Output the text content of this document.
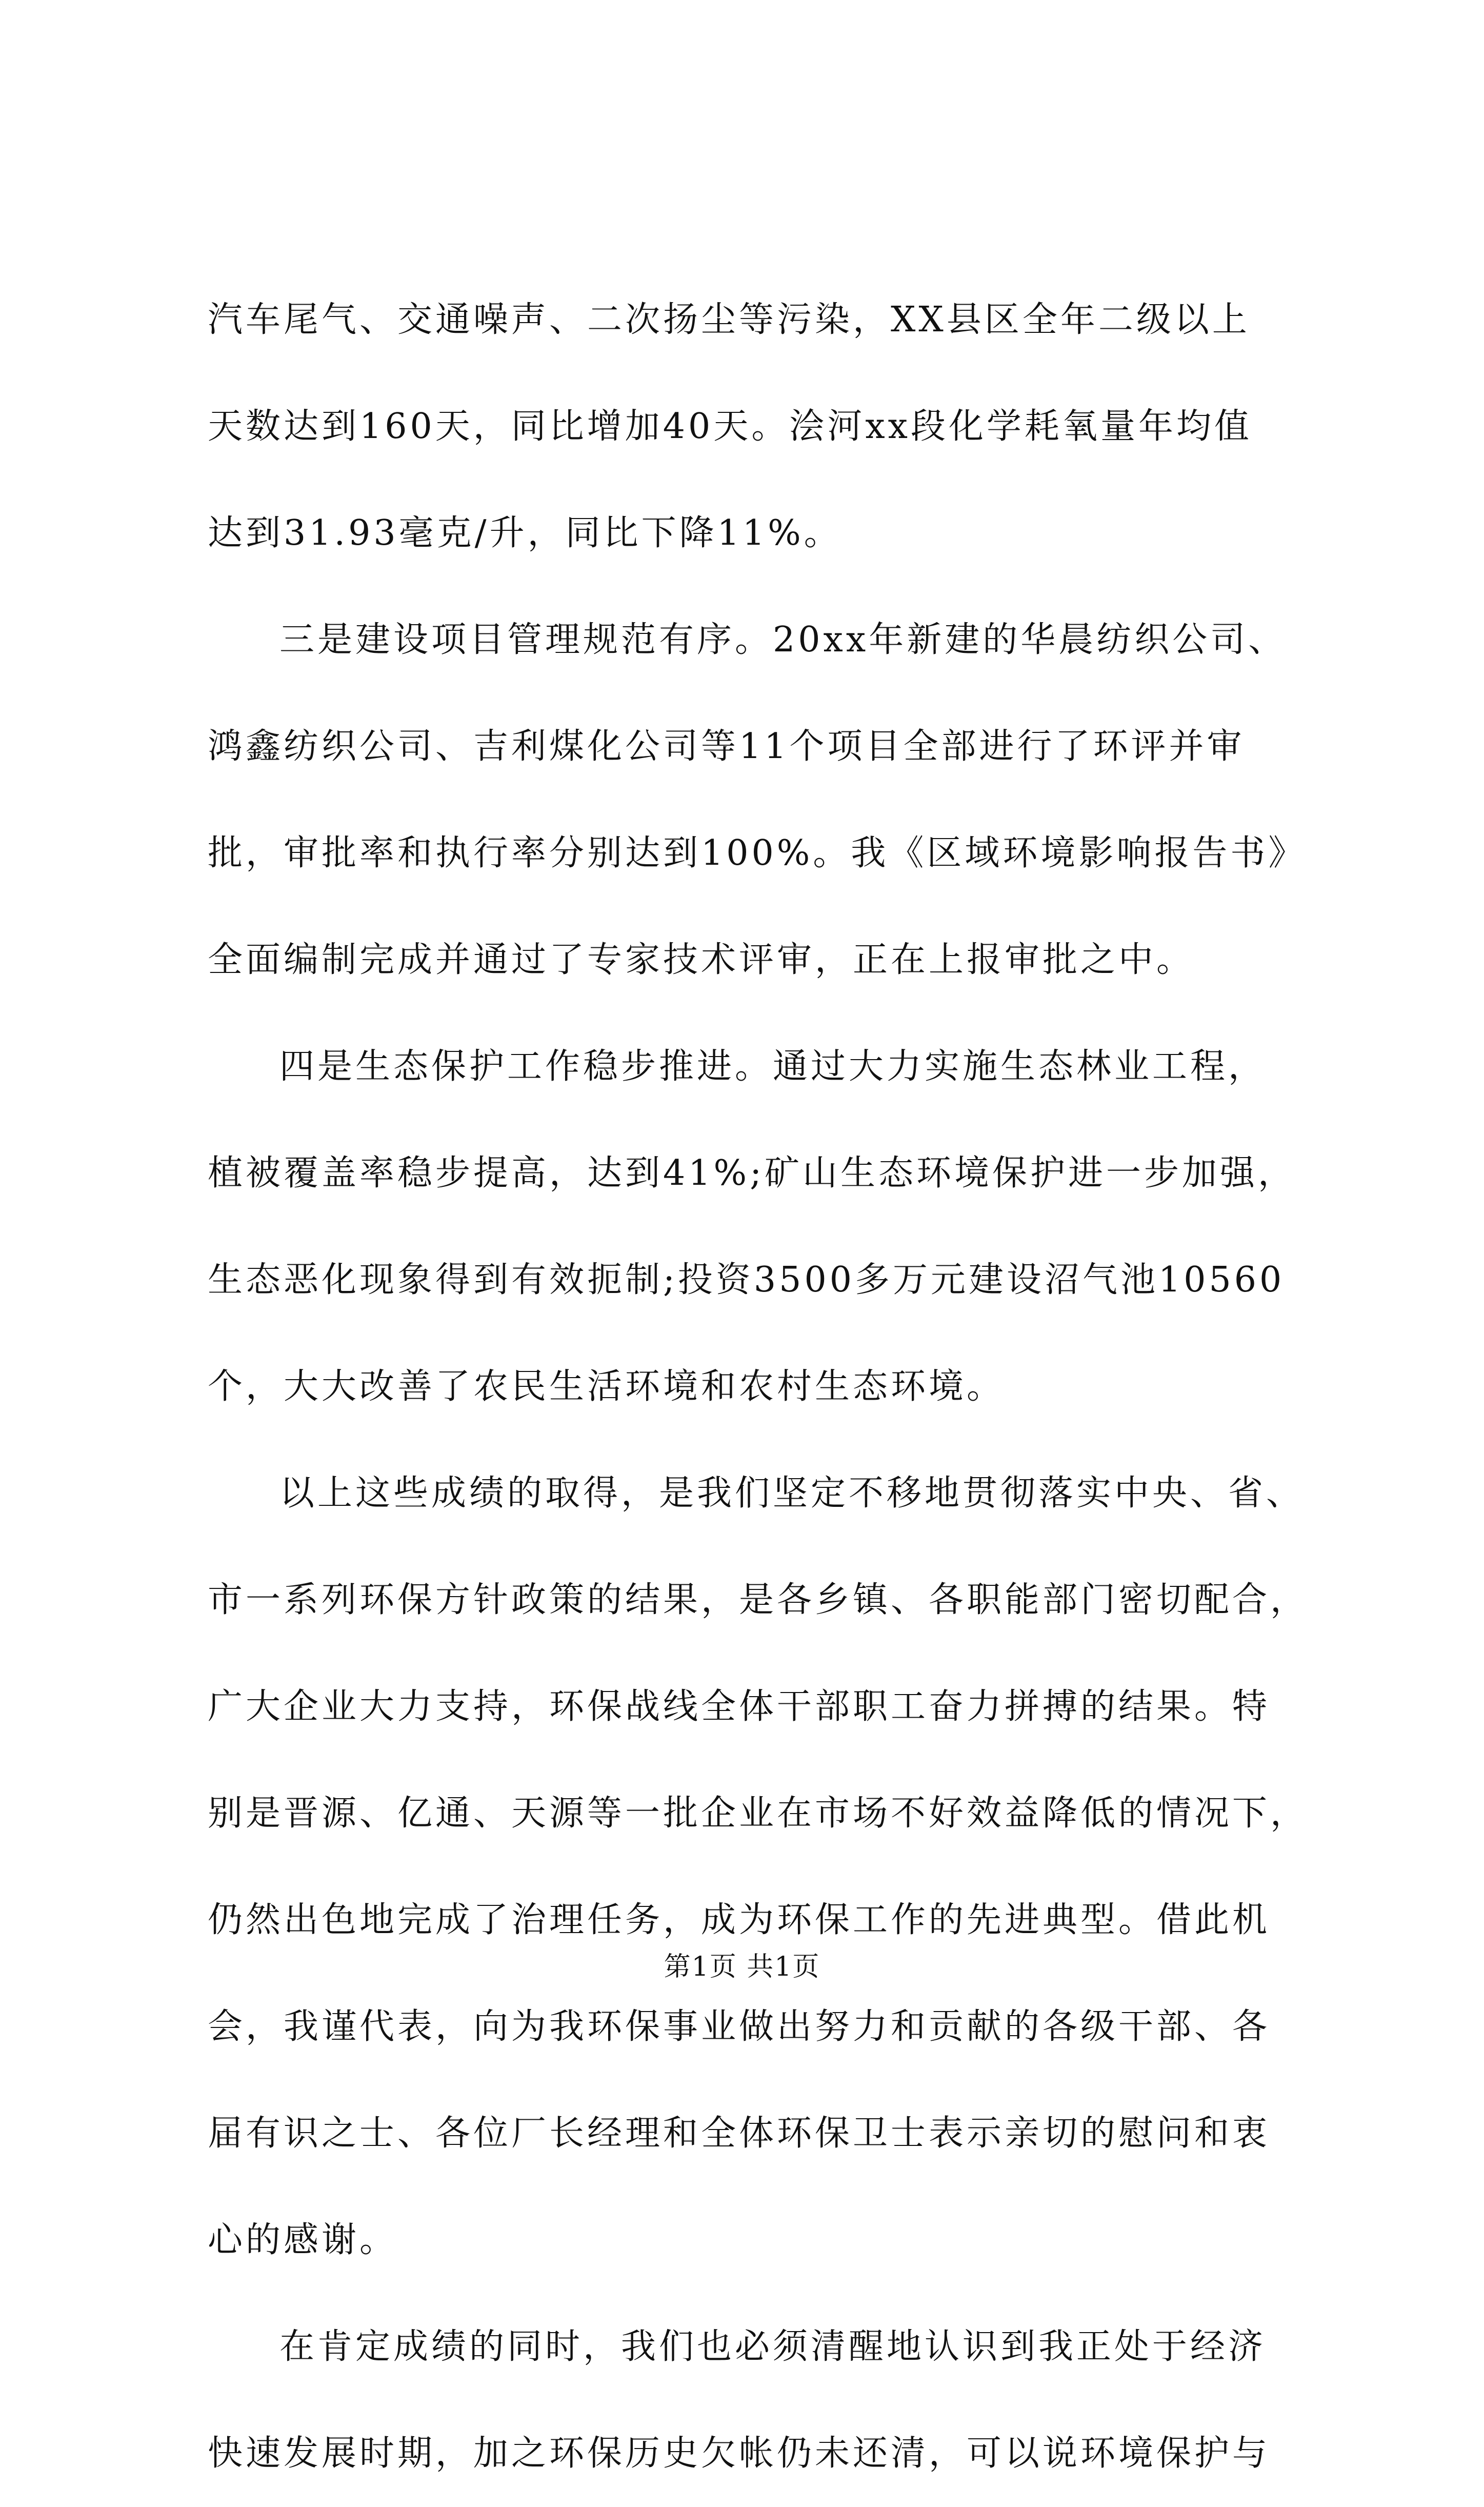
汽车尾气、交通噪声、二次扬尘等污染，XX县区全年二级以上
天数达到160天，同比增加40天。浍河xx段化学耗氧量年均值
达到31.93毫克/升，同比下降11%。
三是建设项目管理规范有序。20xx年新建的华晨纺织公司、
鸿鑫纺织公司、吉利煤化公司等11个项目全部进行了环评并审
批，审批率和执行率分别达到100%。我《区域环境影响报告书》
全面编制完成并通过了专家技术评审，正在上报审批之中。
四是生态保护工作稳步推进。通过大力实施生态林业工程，
植被覆盖率稳步提高，达到41%;矿山生态环境保护进一步加强，
生态恶化现象得到有效扼制;投资3500多万元建设沼气池10560
个，大大改善了农民生活环境和农村生态环境。
以上这些成绩的取得，是我们坚定不移地贯彻落实中央、省、
市一系列环保方针政策的结果，是各乡镇、各职能部门密切配合，
广大企业大力支持，环保战线全体干部职工奋力拼搏的结果。特
别是晋源、亿通、天源等一批企业在市场不好效益降低的情况下，
仍然出色地完成了治理任务，成为环保工作的先进典型。借此机
会，我谨代表，向为我环保事业做出努力和贡献的各级干部、各
届有识之士、各位厂长经理和全体环保卫士表示亲切的慰问和衷
心的感谢。
在肯定成绩的同时，我们也必须清醒地认识到我正处于经济
快速发展时期，加之环保历史欠帐仍未还清，可以说环境保护与
第1页 共1页
